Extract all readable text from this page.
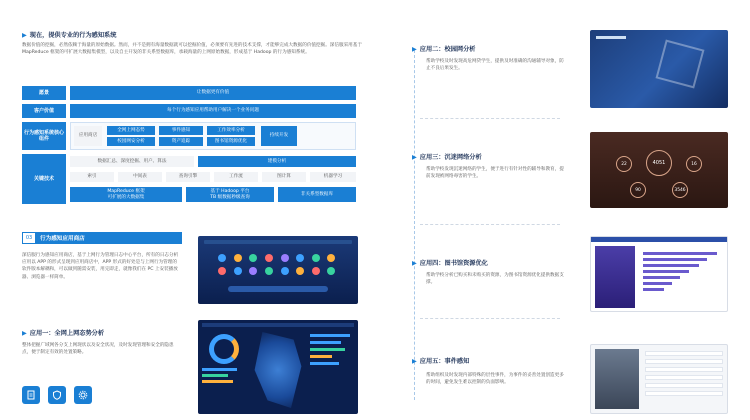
▶ 现在，提供专业的行为感知系统
数据价值的挖掘，必然依赖于海量的原始数据。然而，并不是拥有海量数据就可以挖掘价值，必须要有先进的技术支撑，才能够完成大数据的价值挖掘。深信服采用基于 MapReduce 框架的可扩展大数据集模型，以及自主开发的非关系型数据库，承载海量的上网原始数据，形成基于 Hadoop 的行为感知系统。
愿景	让数据更有价值
客户价值	每个行为感知应用帮助用户解决一个业务问题
行为感知系统核心组件
应用商店
全网上网态势	事件感知	工作效率分析
校园网安分析	资产追踪	图书馆资源优化
持续开发
关键技术
数据汇总、深度挖掘、用户、算法	建模分析
索引	中间表	查询引擎	工作流	图计算	机器学习
MapReduce 框架
可扩展的大数据集
基于 Hadoop 平台
TB 级数据秒级查询
非关系型数据库
03	行为感知应用商店
深信服行为感知应用商店，基于上网行为管理日志中心平台，所有的日志分析应用以 APP 的形式呈现到应用商店中，APP 形式的好处是与上网行为管理的软件版本解耦和，可以做到随需安装，用完即走，就像我们在 PC 上安装播放器、浏览器一样简单。
▶ 应用一：全网上网态势分析
整体把握广域网各分支上网现状以及安全状况，及时发现管理和安全的隐患点，便于制定有效的处置策略。
▶ 应用二：校园网分析
帮助学校及时发现高危网贷学生，提供及时准确的沟通辅导对象，防止不良后果发生。
▶ 应用三：沉迷网络分析
帮助学校发现沉迷网络的学生，便于进行有针对性的辅导和教育，提前发现被网络毒害的学生。
22	4051	16
90	3546
▶ 应用四：图书馆资源优化
帮助学校分析已购买和未购买的资源，为图书馆资源优化提供数据支撑。
▶ 应用五：事件感知
帮助组织及时发现内部特殊的层性事件，为事件的妥善处置创造更多的时间，避免发生难以控制的负面影响。
